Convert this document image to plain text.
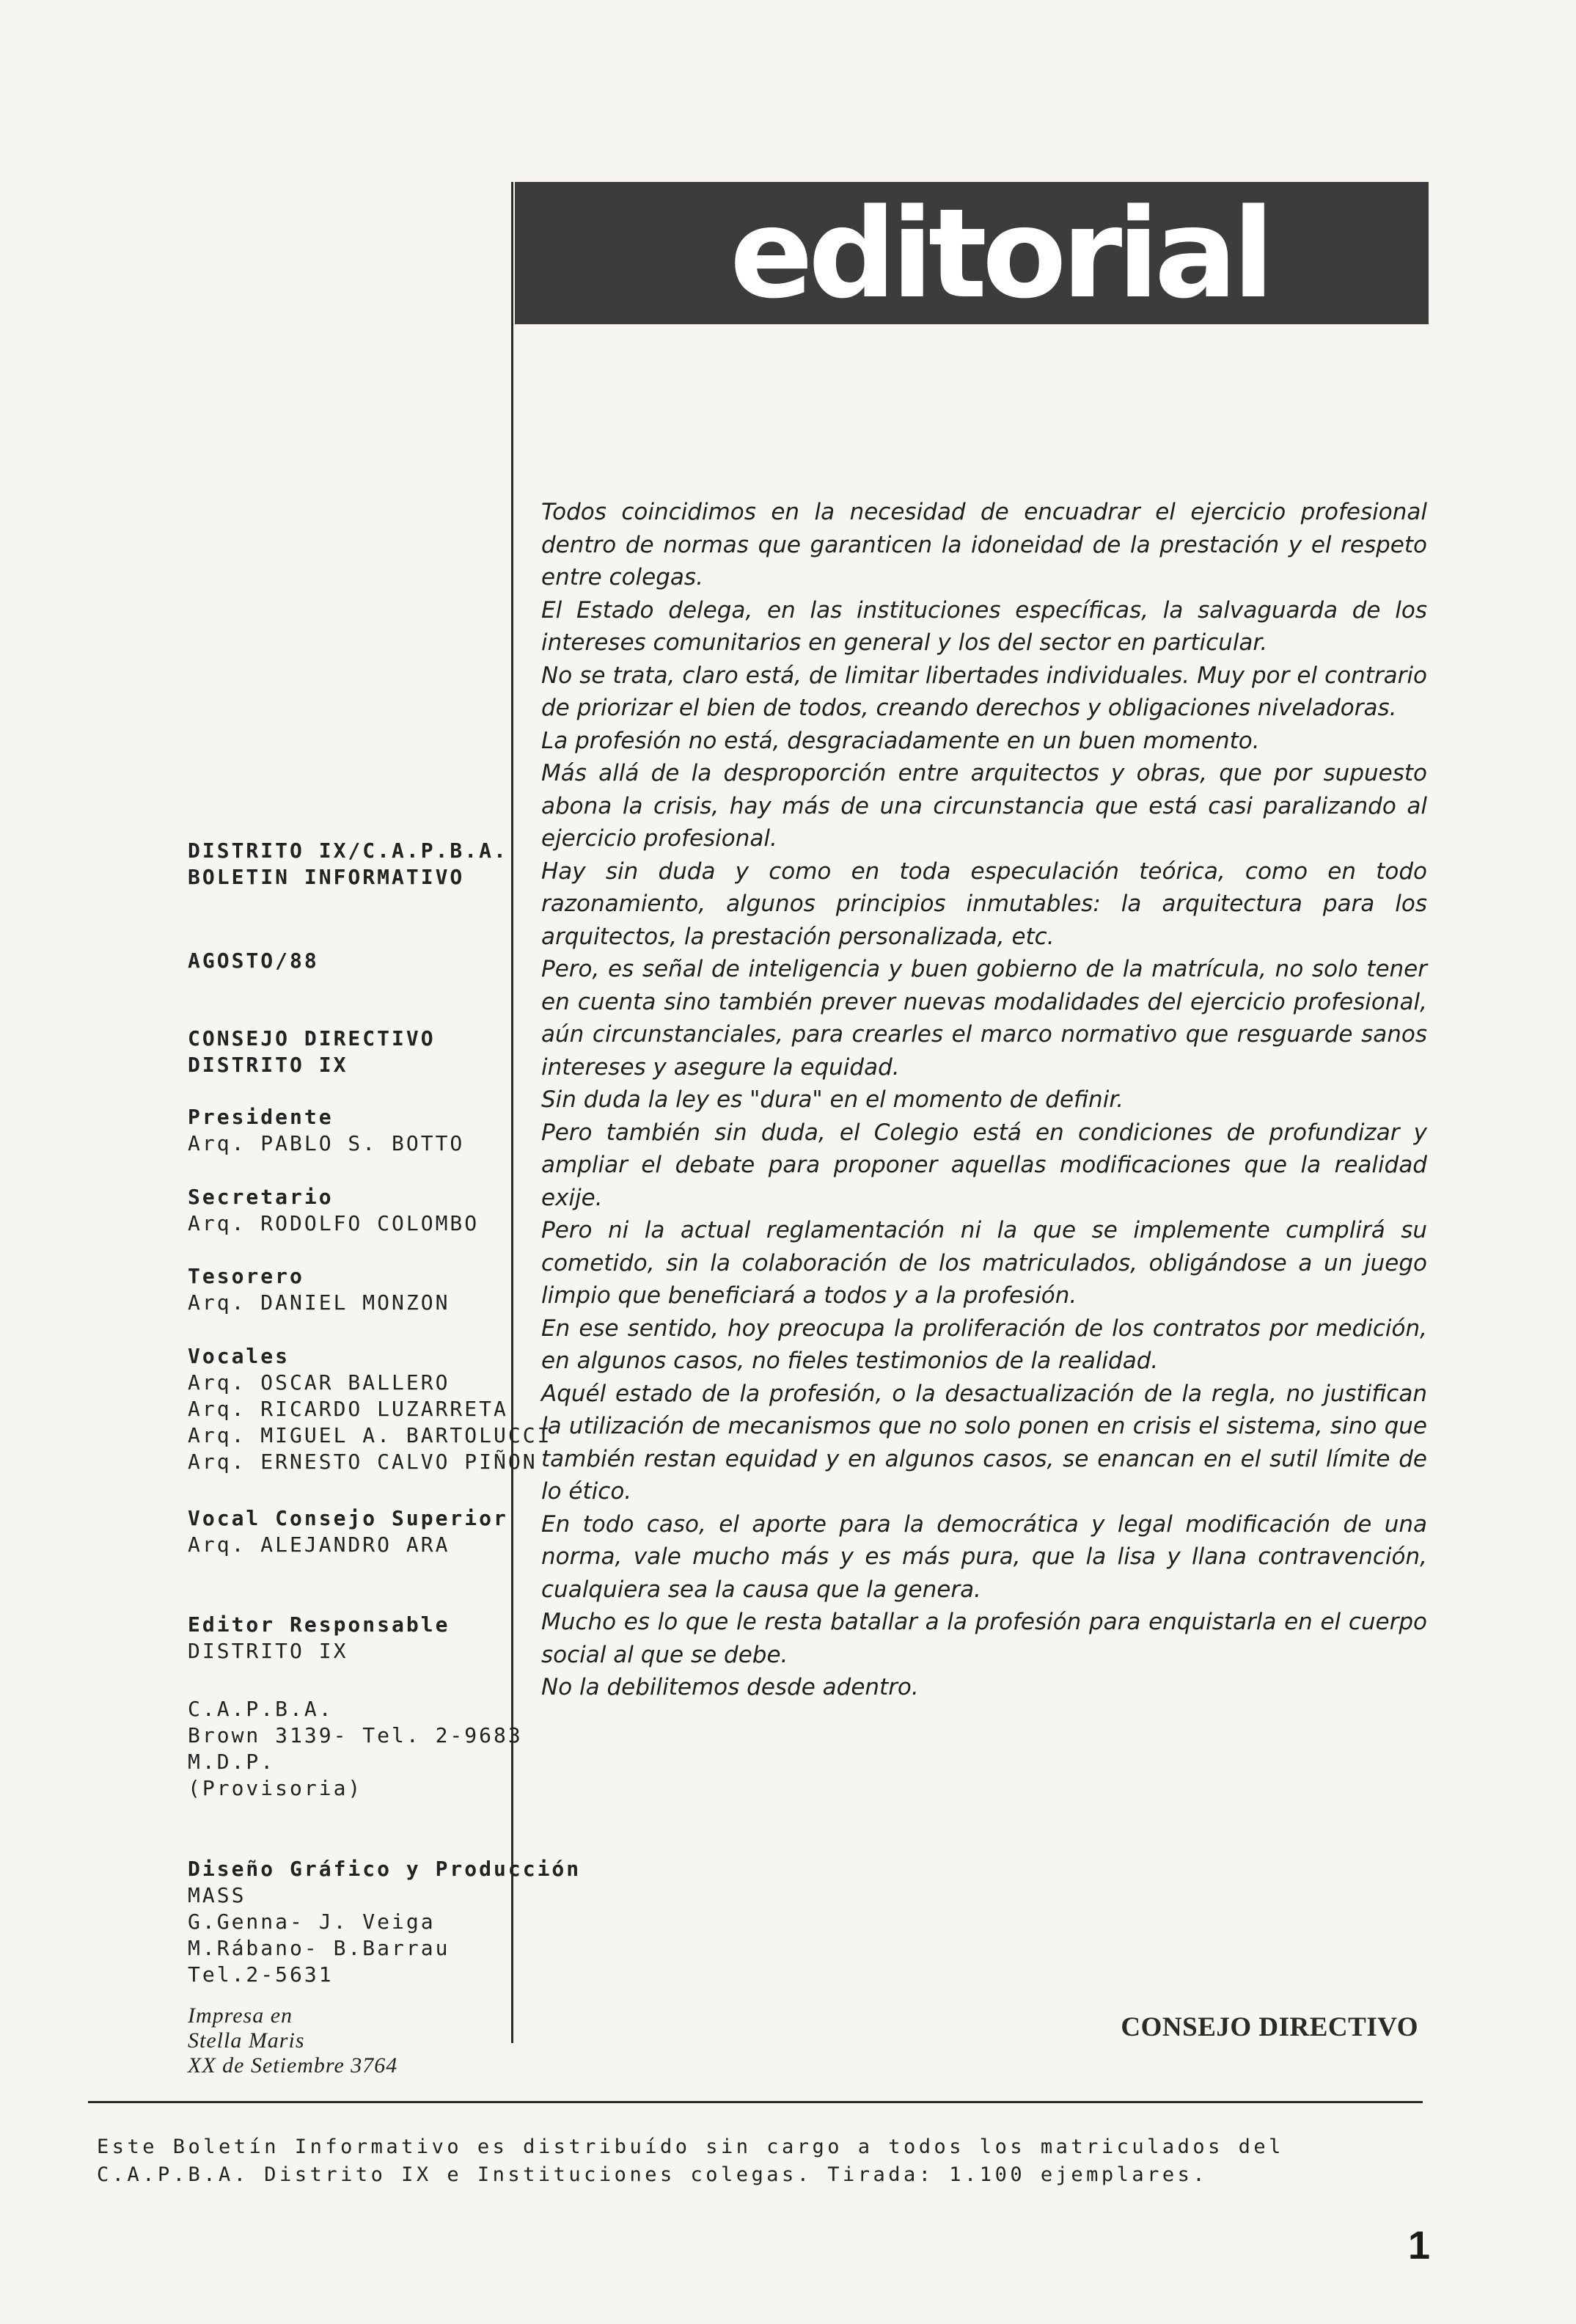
editorial

Todos coincidimos en la necesidad de encuadrar el ejercicio profesional dentro de normas que garanticen la idoneidad de la prestación y el respeto entre colegas.

El Estado delega, en las instituciones específicas, la salvaguarda de los intereses comunitarios en general y los del sector en particular.

No se trata, claro está, de limitar libertades individuales. Muy por el contrario de priorizar el bien de todos, creando derechos y obligaciones niveladoras.

La profesión no está, desgraciadamente en un buen momento.

Más allá de la desproporción entre arquitectos y obras, que por supuesto abona la crisis, hay más de una circunstancia que está casi paralizando al ejercicio profesional.

Hay sin duda y como en toda especulación teórica, como en todo razonamiento, algunos principios inmutables: la arquitectura para los arquitectos, la prestación personalizada, etc.

Pero, es señal de inteligencia y buen gobierno de la matrícula, no solo tener en cuenta sino también prever nuevas modalidades del ejercicio profesional, aún circunstanciales, para crearles el marco normativo que resguarde sanos intereses y asegure la equidad.

Sin duda la ley es "dura" en el momento de definir.

Pero también sin duda, el Colegio está en condiciones de profundizar y ampliar el debate para proponer aquellas modificaciones que la realidad exije.

Pero ni la actual reglamentación ni la que se implemente cumplirá su cometido, sin la colaboración de los matriculados, obligándose a un juego limpio que beneficiará a todos y a la profesión.

En ese sentido, hoy preocupa la proliferación de los contratos por medición, en algunos casos, no fieles testimonios de la realidad.

Aquél estado de la profesión, o la desactualización de la regla, no justifican la utilización de mecanismos que no solo ponen en crisis el sistema, sino que también restan equidad y en algunos casos, se enancan en el sutil límite de lo ético.

En todo caso, el aporte para la democrática y legal modificación de una norma, vale mucho más y es más pura, que la lisa y llana contravención, cualquiera sea la causa que la genera.

Mucho es lo que le resta batallar a la profesión para enquistarla en el cuerpo social al que se debe.

No la debilitemos desde adentro.

CONSEJO DIRECTIVO
DISTRITO IX/C.A.P.B.A.
BOLETIN INFORMATIVO
AGOSTO/88
CONSEJO DIRECTIVO
DISTRITO IX
Presidente
Arq. PABLO S. BOTTO
Secretario
Arq. RODOLFO COLOMBO
Tesorero
Arq. DANIEL MONZON
Vocales
Arq. OSCAR BALLERO
Arq. RICARDO LUZARRETA
Arq. MIGUEL A. BARTOLUCCI
Arq. ERNESTO CALVO PIÑON
Vocal Consejo Superior
Arq. ALEJANDRO ARA
Editor Responsable
DISTRITO IX
C.A.P.B.A.
Brown 3139- Tel. 2-9683
M.D.P.
(Provisoria)
Diseño Gráfico y Producción
MASS
G.Genna- J. Veiga
M.Rábano- B.Barrau
Tel.2-5631
Impresa en
Stella Maris
XX de Setiembre 3764
Este Boletín Informativo es distribuído sin cargo a todos los matriculados del C.A.P.B.A. Distrito IX e Instituciones colegas. Tirada: 1.100 ejemplares.
1
